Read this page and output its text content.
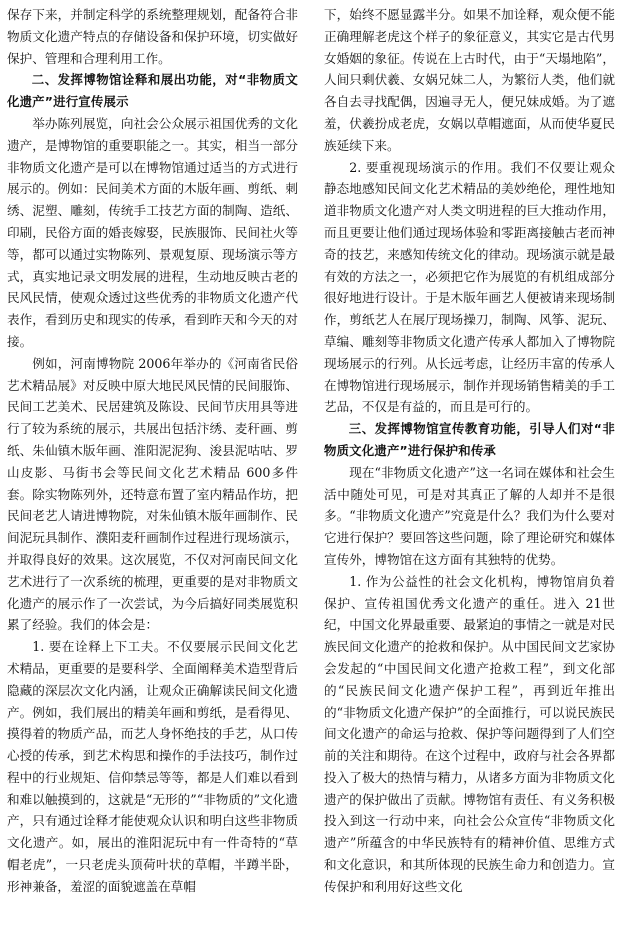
保存下来，并制定科学的系统整理规划，配备符合非物质文化遗产特点的存储设备和保护环境，切实做好保护、管理和合理利用工作。

二、发挥博物馆诠释和展出功能，对“非物质文化遗产”进行宣传展示

举办陈列展览，向社会公众展示祖国优秀的文化遗产，是博物馆的重要职能之一。其实，相当一部分非物质文化遗产是可以在博物馆通过适当的方式进行展示的。例如：民间美术方面的木版年画、剪纸、刺绣、泥塑、雕刻，传统手工技艺方面的制陶、造纸、印刷，民俗方面的婚丧嫁娶，民族服饰、民间社火等等，都可以通过实物陈列、景观复原、现场演示等方式，真实地记录文明发展的进程，生动地反映古老的民风民情，使观众透过这些优秀的非物质文化遗产代表作，看到历史和现实的传承，看到昨天和今天的对接。

例如，河南博物院 2006年举办的《河南省民俗艺术精品展》对反映中原大地民风民情的民间服饰、民间工艺美术、民居建筑及陈设、民间节庆用具等进行了较为系统的展示，共展出包括汴绣、麦秆画、剪纸、朱仙镇木版年画、淮阳泥泥狗、浚县泥咕咕、罗山皮影、马街书会等民间文化艺术精品 600多件套。除实物陈列外，还特意布置了室内精品作坊，把民间老艺人请进博物院，对朱仙镇木版年画制作、民间泥玩具制作、濮阳麦秆画制作过程进行现场演示，并取得良好的效果。这次展览，不仅对河南民间文化艺术进行了一次系统的梳理，更重要的是对非物质文化遗产的展示作了一次尝试，为今后搞好同类展览积累了经验。我们的体会是：

1. 要在诠释上下工夫。不仅要展示民间文化艺术精品，更重要的是要科学、全面阐释美术造型背后隐藏的深层次文化内涵，让观众正确解读民间文化遗产。例如，我们展出的精美年画和剪纸，是看得见、摸得着的物质产品，而艺人身怀绝技的手艺，从口传心授的传承，到艺术构思和操作的手法技巧，制作过程中的行业规矩、信仰禁忌等等，都是人们难以看到和难以触摸到的，这就是“无形的”“非物质的”文化遗产，只有通过诠释才能使观众认识和明白这些非物质文化遗产。如，展出的淮阳泥玩中有一件奇特的“草帽老虎”，一只老虎头顶荷叶状的草帽，半蹲半卧，形神兼备，羞涩的面貌遮盖在草帽

下，始终不愿显露半分。如果不加诠释，观众便不能正确理解老虎这个样子的象征意义，其实它是古代男女婚姻的象征。传说在上古时代，由于“天塌地陷”，人间只剩伏羲、女娲兄妹二人，为繁衍人类，他们就各自去寻找配偶，因遍寻无人，便兄妹成婚。为了遮羞，伏羲扮成老虎，女娲以草帽遮面，从而使华夏民族延续下来。

2. 要重视现场演示的作用。我们不仅要让观众静态地感知民间文化艺术精品的美妙绝伦，理性地知道非物质文化遗产对人类文明进程的巨大推动作用，而且更要让他们通过现场体验和零距离接触古老而神奇的技艺，来感知传统文化的律动。现场演示就是最有效的方法之一，必须把它作为展览的有机组成部分很好地进行设计。于是木版年画艺人便被请来现场制作，剪纸艺人在展厅现场操刀，制陶、风筝、泥玩、草编、雕刻等非物质文化遗产传承人都加入了博物院现场展示的行列。从长远考虑，让经历丰富的传承人在博物馆进行现场展示，制作并现场销售精美的手工艺品，不仅是有益的，而且是可行的。

三、发挥博物馆宣传教育功能，引导人们对“非物质文化遗产”进行保护和传承

现在“非物质文化遗产”这一名词在媒体和社会生活中随处可见，可是对其真正了解的人却并不是很多。“非物质文化遗产”究竟是什么？我们为什么要对它进行保护？要回答这些问题，除了理论研究和媒体宣传外，博物馆在这方面有其独特的优势。

1. 作为公益性的社会文化机构，博物馆肩负着保护、宣传祖国优秀文化遗产的重任。进入 21世纪，中国文化界最重要、最紧迫的事情之一就是对民族民间文化遗产的抢救和保护。从中国民间文艺家协会发起的“中国民间文化遗产抢救工程”，到文化部的“民族民间文化遗产保护工程”，再到近年推出的“非物质文化遗产保护”的全面推行，可以说民族民间文化遗产的命运与抢救、保护等问题得到了人们空前的关注和期待。在这个过程中，政府与社会各界都投入了极大的热情与精力，从诸多方面为非物质文化遗产的保护做出了贡献。博物馆有责任、有义务积极投入到这一行动中来，向社会公众宣传“非物质文化遗产”所蕴含的中华民族特有的精神价值、思维方式和文化意识，和其所体现的民族生命力和创造力。宣传保护和利用好这些文化
